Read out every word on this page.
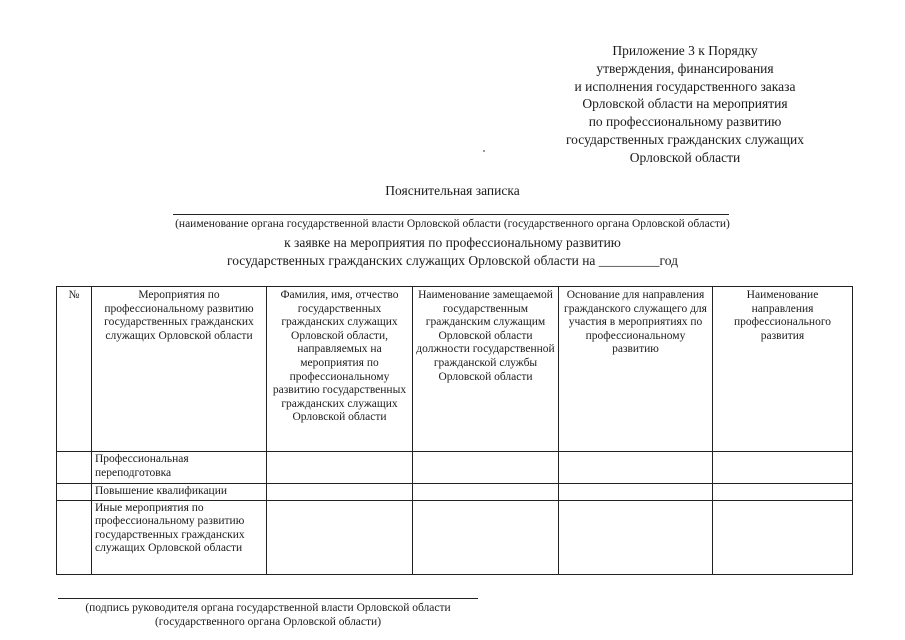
Приложение 3 к Порядку
утверждения, финансирования
и исполнения государственного заказа
Орловской области на мероприятия
по профессиональному развитию
государственных гражданских служащих
Орловской области
Пояснительная записка
(наименование органа государственной власти Орловской области (государственного органа Орловской области)
к заявке на мероприятия по профессиональному развитию
государственных гражданских служащих Орловской области на _________год
№	Мероприятия по профессиональному развитию государственных гражданских служащих Орловской области	Фамилия, имя, отчество государственных гражданских служащих Орловской области, направляемых на мероприятия по профессиональному развитию государственных гражданских служащих Орловской области	Наименование замещаемой государственным гражданским служащим Орловской области должности государственной гражданской службы Орловской области	Основание для направления гражданского служащего для участия в мероприятиях по профессиональному развитию	Наименование направления профессионального развития
	Профессиональная переподготовка				
	Повышение квалификации				
	Иные мероприятия по профессиональному развитию государственных гражданских служащих Орловской области				
(подпись руководителя органа государственной власти Орловской области
(государственного органа Орловской области)
